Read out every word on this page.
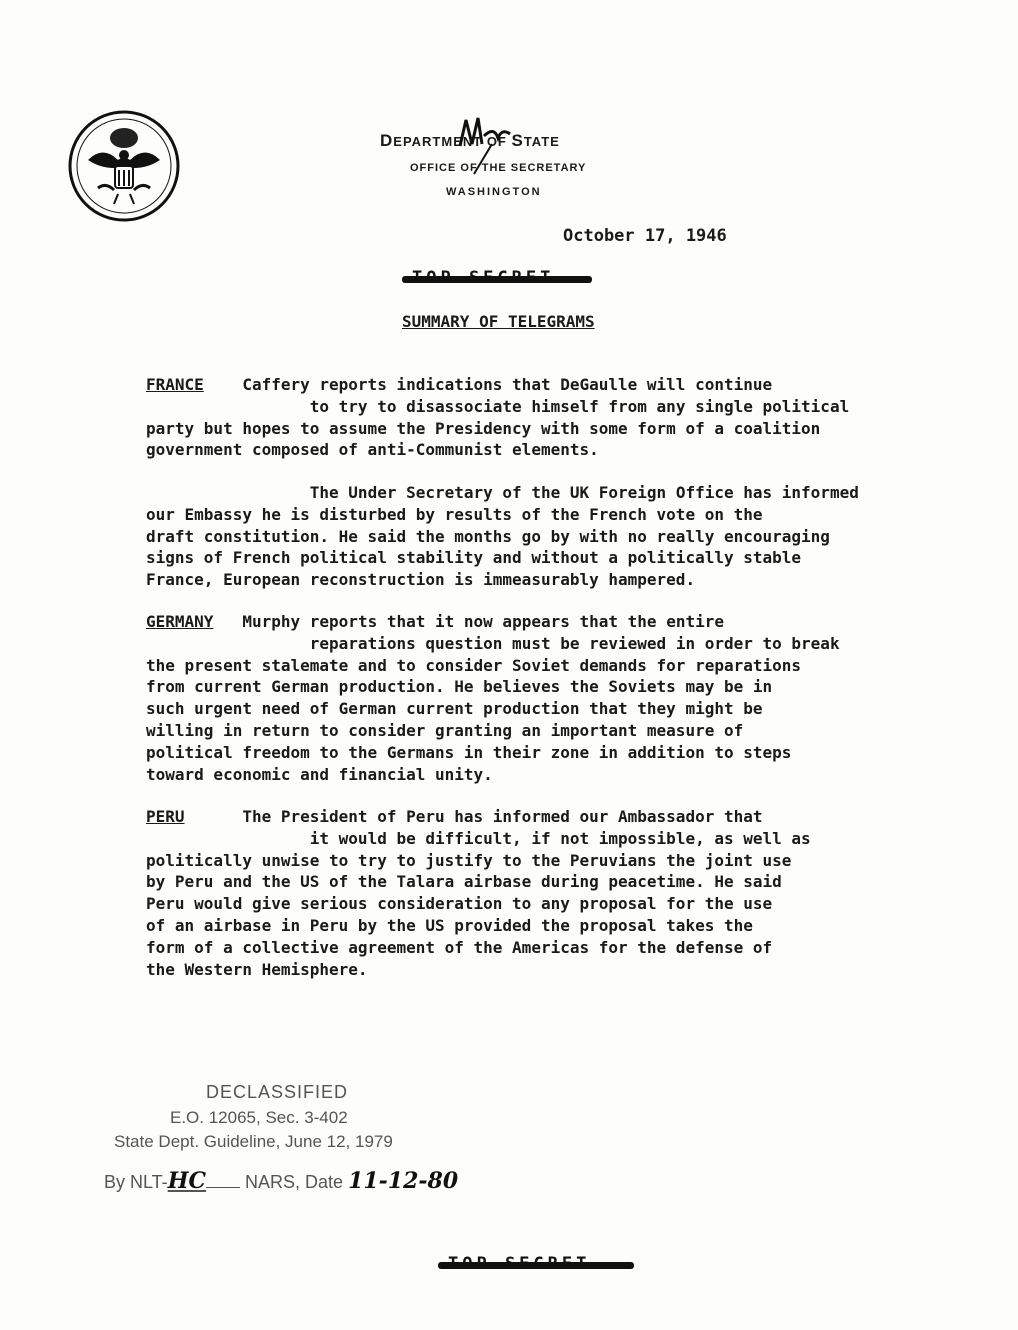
DEPARTMENT OF STATE
OFFICE OF THE SECRETARY
WASHINGTON
October 17, 1946
SUMMARY OF TELEGRAMS
FRANCE Caffery reports indications that DeGaulle will continue
to try to disassociate himself from any single political
party but hopes to assume the Presidency with some form of a coalition
government composed of anti-Communist elements.
The Under Secretary of the UK Foreign Office has informed
our Embassy he is disturbed by results of the French vote on the
draft constitution. He said the months go by with no really encouraging
signs of French political stability and without a politically stable
France, European reconstruction is immeasurably hampered.
GERMANY Murphy reports that it now appears that the entire
reparations question must be reviewed in order to break
the present stalemate and to consider Soviet demands for reparations
from current German production. He believes the Soviets may be in
such urgent need of German current production that they might be
willing in return to consider granting an important measure of
political freedom to the Germans in their zone in addition to steps
toward economic and financial unity.
PERU	The President of Peru has informed our Ambassador that
it would be difficult, if not impossible, as well as
politically unwise to try to justify to the Peruvians the joint use
by Peru and the US of the Talara airbase during peacetime. He said
Peru would give serious consideration to any proposal for the use
of an airbase in Peru by the US provided the proposal takes the
form of a collective agreement of the Americas for the defense of
the Western Hemisphere.
DECLASSIFIED
E.O. 12065, Sec. 3-402
State Dept. Guideline, June 12, 1979
By NLT-HC NARS, Date 11-12-80
